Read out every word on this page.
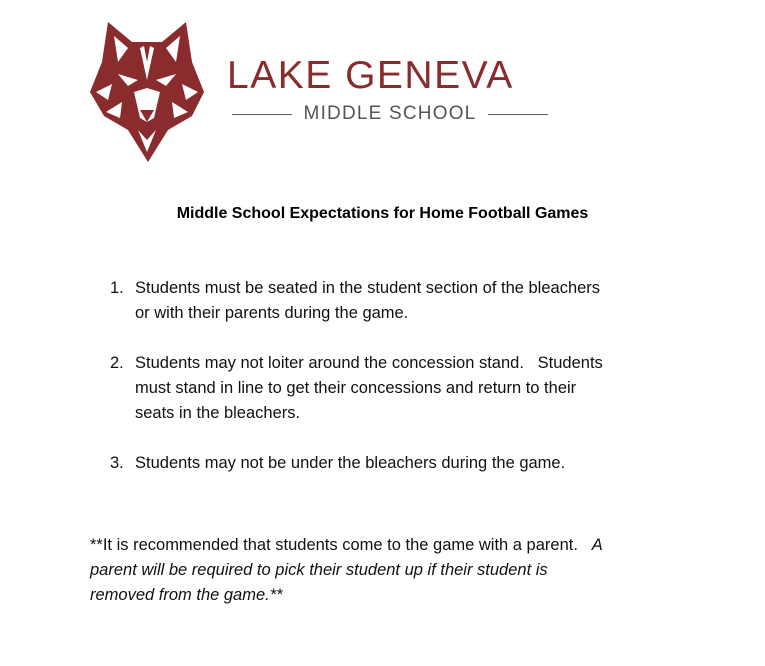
LAKE GENEVA
MIDDLE SCHOOL
Middle School Expectations for Home Football Games
1. Students must be seated in the student section of the bleachers
or with their parents during the game.
2. Students may not loiter around the concession stand.   Students
must stand in line to get their concessions and return to their
seats in the bleachers.
3. Students may not be under the bleachers during the game.
**It is recommended that students come to the game with a parent.   A
parent will be required to pick their student up if their student is
removed from the game.**
